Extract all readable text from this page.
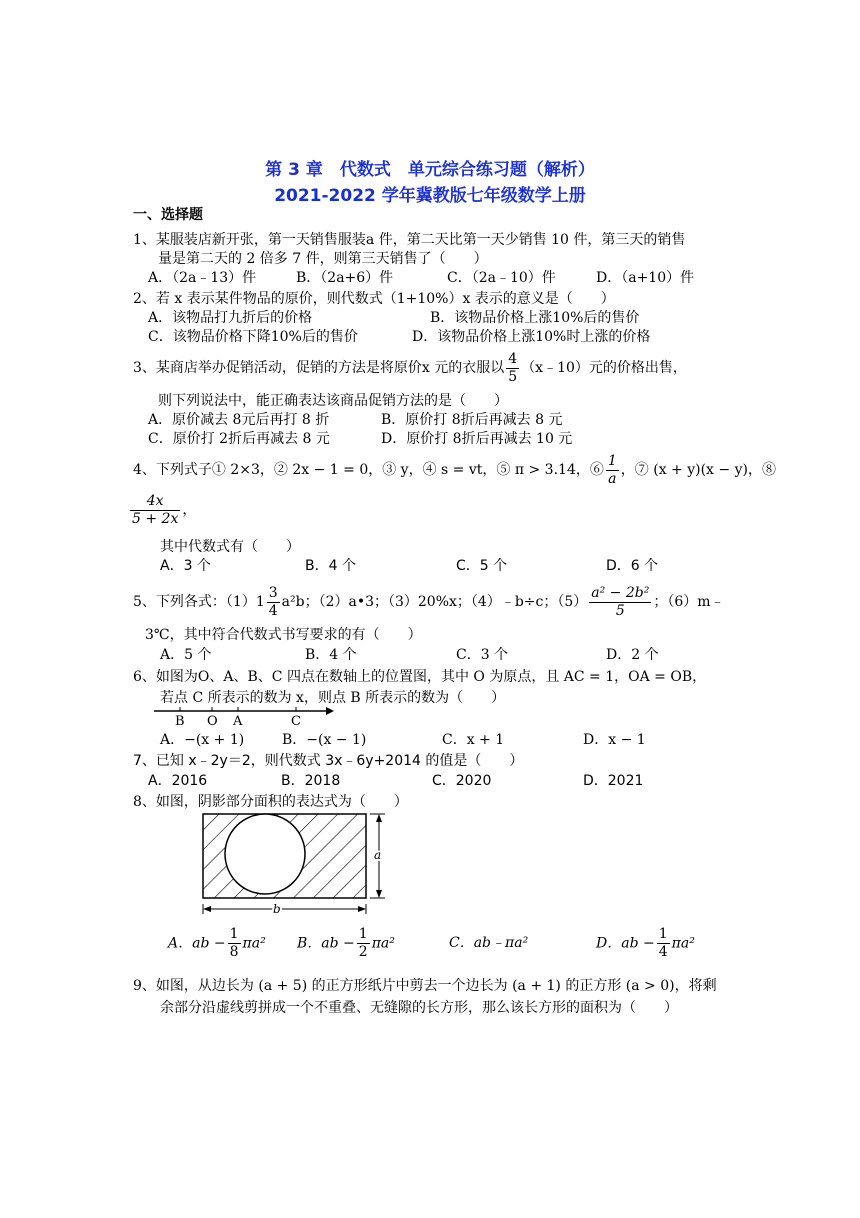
第 3 章　代数式　单元综合练习题（解析）
2021-2022 学年冀教版七年级数学上册
一、选择题
1、某服装店新开张，第一天销售服装a 件，第二天比第一天少销售 10 件，第三天的销售
量是第二天的 2 倍多 7 件，则第三天销售了（　　）
A．（2a﹣13）件	B．（2a+6）件	C．（2a﹣10）件	D．（a+10）件
2、若 x 表示某件物品的原价，则代数式（1+10%）x 表示的意义是（　　）
A．该物品打九折后的价格	B．该物品价格上涨10%后的售价
C．该物品价格下降10%后的售价	D．该物品价格上涨10%时上涨的价格
3、某商店举办促销活动，促销的方法是将原价x 元的衣服以 $\frac{4}{5}$ （x﹣10）元的价格出售，
则下列说法中，能正确表达该商品促销方法的是（　　）
A．原价减去 8元后再打 8 折	B．原价打 8折后再减去 8 元
C．原价打 2折后再减去 8 元	D．原价打 8折后再减去 10 元
4、下列式子① 2×3，② 2x − 1 = 0，③ y，④ s = vt，⑤ π > 3.14，⑥ $\frac{1}{a}$ ，⑦ (x + y)(x − y)，⑧
$\frac{4x}{5 + 2x}$ ，
其中代数式有（　　）
A．3 个	B．4 个	C．5 个	D．6 个
5、下列各式：$(1)1 \frac{3}{4} a^2b$；（2）a•3；（3）20%x；（4）﹣b÷c；$(5) \frac{\text{a² − 2b²}}{5}$ ；（6）m﹣
3℃，其中符合代数式书写要求的有（　　）
A．5 个	B．4 个	C．3 个	D．2 个
6、如图为O、A、B、C 四点在数轴上的位置图，其中 O 为原点，且 AC = 1，OA = OB，
若点 C 所表示的数为 x，则点 B 所表示的数为（　　）
B O A	C
A．−(x + 1)	B．−(x − 1)	C．x + 1	D．x − 1
7、已知 x﹣2y＝2，则代数式 3x﹣6y+2014 的值是（　　）
A．2016	B．2018	C．2020	D．2021
8、如图，阴影部分面积的表达式为（　　）
b
a
A．ab − $\frac{1}{8} \pi a^2$ B．ab − $\frac{1}{2} \pi a^2$	C．ab﹣πa²	D．ab − $\frac{1}{4} \pi a^2$
9、如图，从边长为 (a + 5) 的正方形纸片中剪去一个边长为 (a + 1) 的正方形 (a > 0)，将剩
余部分沿虚线剪拼成一个不重叠、无缝隙的长方形，那么该长方形的面积为（　　）
